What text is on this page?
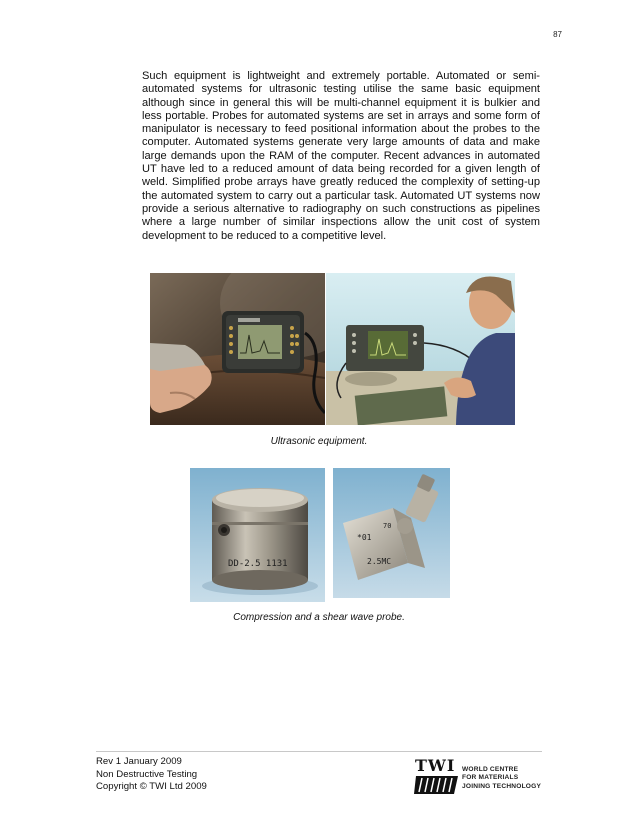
87

Such equipment is lightweight and extremely portable. Automated or semi-automated systems for ultrasonic testing utilise the same basic equipment although since in general this will be multi-channel equipment it is bulkier and less portable. Probes for automated systems are set in arrays and some form of manipulator is necessary to feed positional information about the probes to the computer. Automated systems generate very large amounts of data and make large demands upon the RAM of the computer. Recent advances in automated UT have led to a reduced amount of data being recorded for a given length of weld. Simplified probe arrays have greatly reduced the complexity of setting-up the automated system to carry out a particular task. Automated UT systems now provide a serious alternative to radiography on such constructions as pipelines where a large number of similar inspections allow the unit cost of system development to be reduced to a competitive level.

Ultrasonic equipment.
DD-2.5 1131
*01
2.5MC
70
Compression and a shear wave probe.
Rev 1 January 2009
Non Destructive Testing
Copyright © TWI Ltd 2009
TWI WORLD CENTRE
FOR MATERIALS
JOINING TECHNOLOGY
